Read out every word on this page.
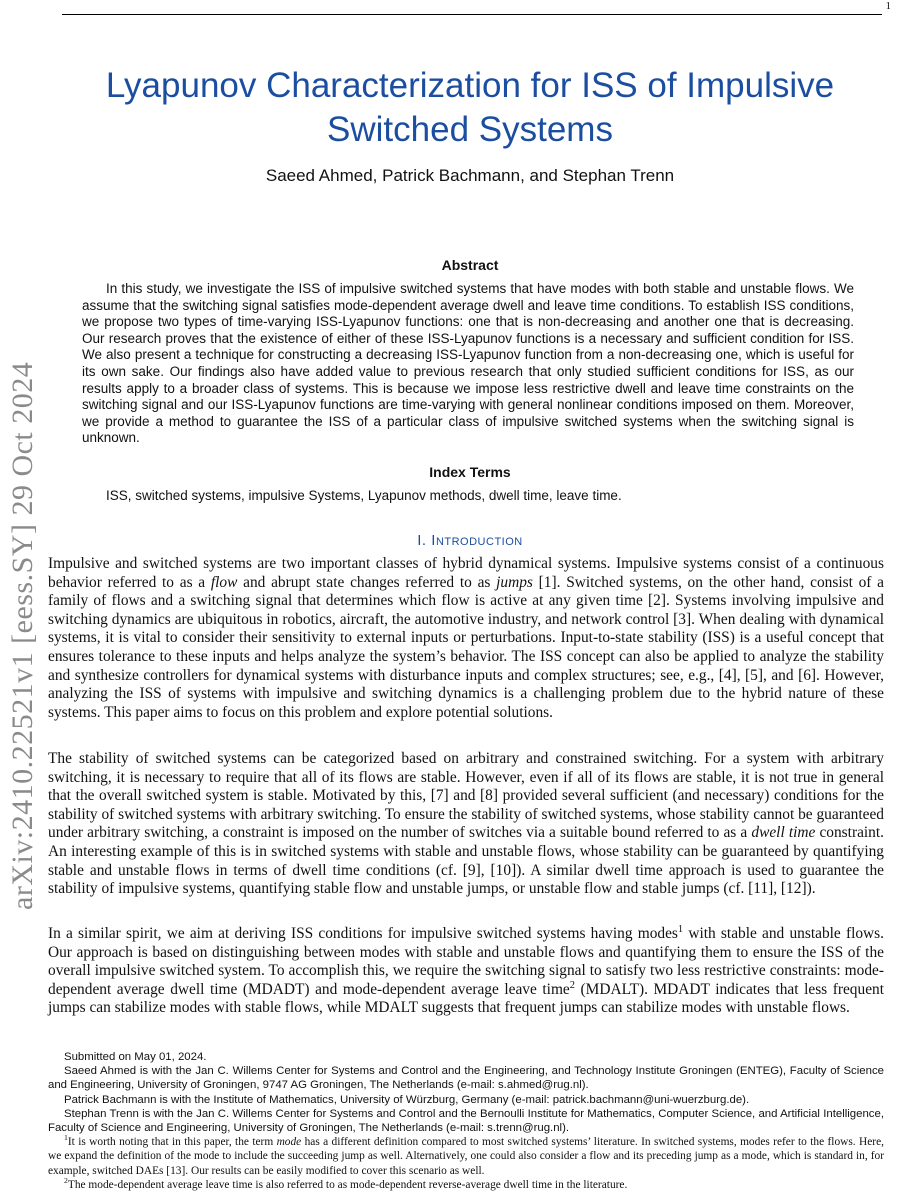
1
arXiv:2410.22521v1 [eess.SY] 29 Oct 2024
Lyapunov Characterization for ISS of Impulsive
Switched Systems
Saeed Ahmed, Patrick Bachmann, and Stephan Trenn
Abstract
In this study, we investigate the ISS of impulsive switched systems that have modes with both stable and unstable flows. We assume that the switching signal satisfies mode-dependent average dwell and leave time conditions. To establish ISS conditions, we propose two types of time-varying ISS-Lyapunov functions: one that is non-decreasing and another one that is decreasing. Our research proves that the existence of either of these ISS-Lyapunov functions is a necessary and sufficient condition for ISS. We also present a technique for constructing a decreasing ISS-Lyapunov function from a non-decreasing one, which is useful for its own sake. Our findings also have added value to previous research that only studied sufficient conditions for ISS, as our results apply to a broader class of systems. This is because we impose less restrictive dwell and leave time constraints on the switching signal and our ISS-Lyapunov functions are time-varying with general nonlinear conditions imposed on them. Moreover, we provide a method to guarantee the ISS of a particular class of impulsive switched systems when the switching signal is unknown.
Index Terms
ISS, switched systems, impulsive Systems, Lyapunov methods, dwell time, leave time.
I. Introduction
Impulsive and switched systems are two important classes of hybrid dynamical systems. Impulsive systems consist of a continuous behavior referred to as a flow and abrupt state changes referred to as jumps [1]. Switched systems, on the other hand, consist of a family of flows and a switching signal that determines which flow is active at any given time [2]. Systems involving impulsive and switching dynamics are ubiquitous in robotics, aircraft, the automotive industry, and network control [3]. When dealing with dynamical systems, it is vital to consider their sensitivity to external inputs or perturbations. Input-to-state stability (ISS) is a useful concept that ensures tolerance to these inputs and helps analyze the system’s behavior. The ISS concept can also be applied to analyze the stability and synthesize controllers for dynamical systems with disturbance inputs and complex structures; see, e.g., [4], [5], and [6]. However, analyzing the ISS of systems with impulsive and switching dynamics is a challenging problem due to the hybrid nature of these systems. This paper aims to focus on this problem and explore potential solutions.
The stability of switched systems can be categorized based on arbitrary and constrained switching. For a system with arbitrary switching, it is necessary to require that all of its flows are stable. However, even if all of its flows are stable, it is not true in general that the overall switched system is stable. Motivated by this, [7] and [8] provided several sufficient (and necessary) conditions for the stability of switched systems with arbitrary switching. To ensure the stability of switched systems, whose stability cannot be guaranteed under arbitrary switching, a constraint is imposed on the number of switches via a suitable bound referred to as a dwell time constraint. An interesting example of this is in switched systems with stable and unstable flows, whose stability can be guaranteed by quantifying stable and unstable flows in terms of dwell time conditions (cf. [9], [10]). A similar dwell time approach is used to guarantee the stability of impulsive systems, quantifying stable flow and unstable jumps, or unstable flow and stable jumps (cf. [11], [12]).
In a similar spirit, we aim at deriving ISS conditions for impulsive switched systems having modes$^1$ with stable and unstable flows. Our approach is based on distinguishing between modes with stable and unstable flows and quantifying them to ensure the ISS of the overall impulsive switched system. To accomplish this, we require the switching signal to satisfy two less restrictive constraints: mode-dependent average dwell time (MDADT) and mode-dependent average leave time$^2$ (MDALT). MDADT indicates that less frequent jumps can stabilize modes with stable flows, while MDALT suggests that frequent jumps can stabilize modes with unstable flows.
Submitted on May 01, 2024.
Saeed Ahmed is with the Jan C. Willems Center for Systems and Control and the Engineering, and Technology Institute Groningen (ENTEG), Faculty of Science and Engineering, University of Groningen, 9747 AG Groningen, The Netherlands (e-mail: s.ahmed@rug.nl).
Patrick Bachmann is with the Institute of Mathematics, University of Würzburg, Germany (e-mail: patrick.bachmann@uni-wuerzburg.de).
Stephan Trenn is with the Jan C. Willems Center for Systems and Control and the Bernoulli Institute for Mathematics, Computer Science, and Artificial Intelligence, Faculty of Science and Engineering, University of Groningen, The Netherlands (e-mail: s.trenn@rug.nl).
$^1$It is worth noting that in this paper, the term mode has a different definition compared to most switched systems’ literature. In switched systems, modes refer to the flows. Here, we expand the definition of the mode to include the succeeding jump as well. Alternatively, one could also consider a flow and its preceding jump as a mode, which is standard in, for example, switched DAEs [13]. Our results can be easily modified to cover this scenario as well.
$^2$The mode-dependent average leave time is also referred to as mode-dependent reverse-average dwell time in the literature.
